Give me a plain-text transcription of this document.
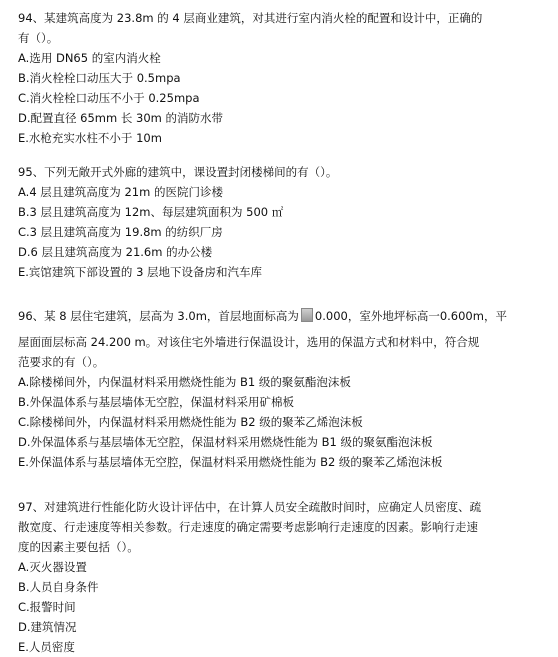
94、某建筑高度为 23.8m 的 4 层商业建筑，对其进行室内消火栓的配置和设计中，正确的
有（）。
A.选用 DN65 的室内消火栓
B.消火栓栓口动压大于 0.5mpa
C.消火栓栓口动压不小于 0.25mpa
D.配置直径 65mm 长 30m 的消防水带
E.水枪充实水柱不小于 10m
95、下列无敞开式外廊的建筑中，课设置封闭楼梯间的有（）。
A.4 层且建筑高度为 21m 的医院门诊楼
B.3 层且建筑高度为 12m、每层建筑面积为 500 ㎡
C.3 层且建筑高度为 19.8m 的纺织厂房
D.6 层且建筑高度为 21.6m 的办公楼
E.宾馆建筑下部设置的 3 层地下设备房和汽车库
96、某 8 层住宅建筑，层高为 3.0m，首层地面标高为 0.000，室外地坪标高一0.600m，平
屋面面层标高 24.200 m。对该住宅外墙进行保温设计，选用的保温方式和材料中，符合规
范要求的有（）。
A.除楼梯间外，内保温材料采用燃烧性能为 B1 级的聚氨酯泡沫板
B.外保温体系与基层墙体无空腔，保温材料采用矿棉板
C.除楼梯间外，内保温材料采用燃烧性能为 B2 级的聚苯乙烯泡沫板
D.外保温体系与基层墙体无空腔，保温材料采用燃烧性能为 B1 级的聚氨酯泡沫板
E.外保温体系与基层墙体无空腔，保温材料采用燃烧性能为 B2 级的聚苯乙烯泡沫板
97、对建筑进行性能化防火设计评估中，在计算人员安全疏散时间时，应确定人员密度、疏
散宽度、行走速度等相关参数。行走速度的确定需要考虑影响行走速度的因素。影响行走速
度的因素主要包括（）。
A.灭火器设置
B.人员自身条件
C.报警时间
D.建筑情况
E.人员密度
